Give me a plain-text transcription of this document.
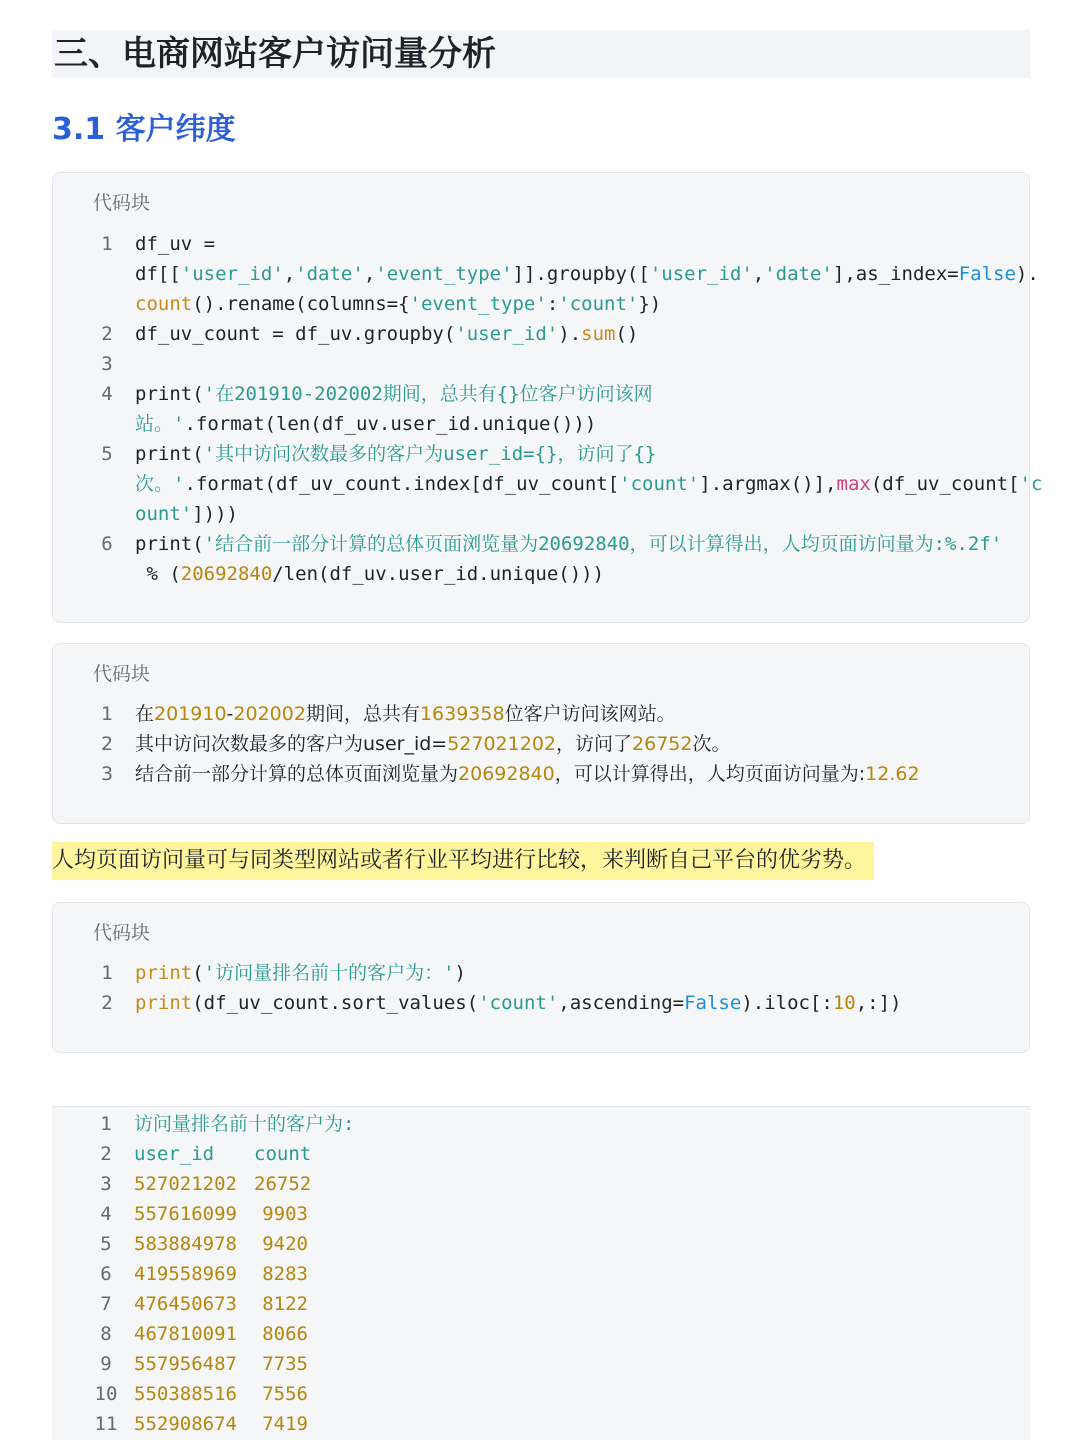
三、电商网站客户访问量分析
3.1 客户纬度
代码块
1	df_uv =
df[['user_id','date','event_type']].groupby(['user_id','date'],as_index=False).
count().rename(columns={'event_type':'count'})
2	df_uv_count = df_uv.groupby('user_id').sum()
3

4	print('在201910-202002期间，总共有{}位客户访问该网
站。'.format(len(df_uv.user_id.unique()))
5	print('其中访问次数最多的客户为user_id={}，访问了{}
次。'.format(df_uv_count.index[df_uv_count['count'].argmax()],max(df_uv_count['c
ount'])))
6	print('结合前一部分计算的总体页面浏览量为20692840，可以计算得出，人均页面访问量为:%.2f'
% (20692840/len(df_uv.user_id.unique()))
代码块
1	在201910-202002期间，总共有1639358位客户访问该网站。
2	其中访问次数最多的客户为user_id=527021202，访问了26752次。
3	结合前一部分计算的总体页面浏览量为20692840，可以计算得出，人均页面访问量为:12.62
人均页面访问量可与同类型网站或者行业平均进行比较，来判断自己平台的优劣势。
代码块
1	print('访问量排名前十的客户为：')
2	print(df_uv_count.sort_values('count',ascending=False).iloc[:10,:])
1	访问量排名前十的客户为:
2	user_id count
3	527021202 26752
4	557616099 9903
5	583884978 9420
6	419558969 8283
7	476450673 8122
8	467810091 8066
9	557956487 7735
10 550388516 7556
11 552908674 7419
